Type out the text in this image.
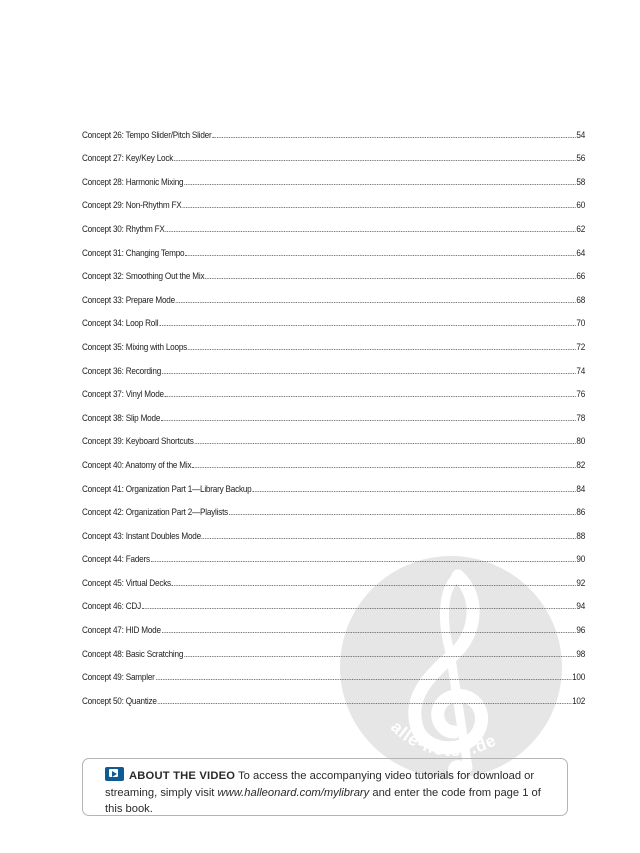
alle-noten.de
Concept 26: Tempo Slider/Pitch Slider	54
Concept 27: Key/Key Lock	56
Concept 28: Harmonic Mixing	58
Concept 29: Non-Rhythm FX	60
Concept 30: Rhythm FX	62
Concept 31: Changing Tempo	64
Concept 32: Smoothing Out the Mix	66
Concept 33: Prepare Mode	68
Concept 34: Loop Roll	70
Concept 35: Mixing with Loops	72
Concept 36: Recording	74
Concept 37: Vinyl Mode	76
Concept 38: Slip Mode	78
Concept 39: Keyboard Shortcuts	80
Concept 40: Anatomy of the Mix	82
Concept 41: Organization Part 1—Library Backup	84
Concept 42: Organization Part 2—Playlists	86
Concept 43: Instant Doubles Mode	88
Concept 44: Faders	90
Concept 45: Virtual Decks	92
Concept 46: CDJ	94
Concept 47: HID Mode	96
Concept 48: Basic Scratching	98
Concept 49: Sampler	100
Concept 50: Quantize	102
ABOUT THE VIDEO To access the accompanying video tutorials for download or streaming, simply visit www.halleonard.com/mylibrary and enter the code from page 1 of this book.
